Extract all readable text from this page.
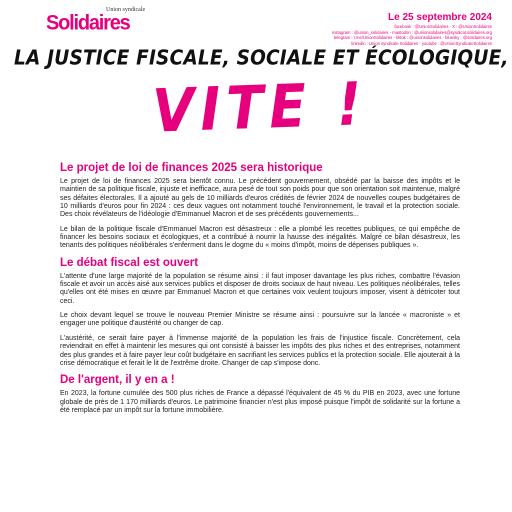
Union syndicale
Solidaires	Le 25 septembre 2024
facebook : @UnionSolidaires - X : @UnionSolidaires
instagram : @union_solidaires - mastodon : @unionsolidaires@syndicat.solidaires.org
telegram : t.me/UnionSolidaires - tiktok : @unionsolidaires - bluesky : @solidaires.org
linkedin : Union syndicale Solidaires - youtube : @UnionSyndicaleSolidaires
LA JUSTICE FISCALE, SOCIALE ET ÉCOLOGIQUE,
VITE !
Le projet de loi de finances 2025 sera historique

Le projet de loi de finances 2025 sera bientôt connu. Le précédent gouvernement, obsédé par la baisse des impôts et le maintien de sa politique fiscale, injuste et inefficace, aura pesé de tout son poids pour que son orientation soit maintenue, malgré ses défaites électorales. Il a ajouté au gels de 10 milliards d'euros crédités de février 2024 de nouvelles coupes budgétaires de 10 milliards d'euros pour fin 2024 : ces deux vagues ont notamment touché l'environnement, le travail et la protection sociale. Des choix révélateurs de l'idéologie d'Emmanuel Macron et de ses précédents gouvernements...

Le bilan de la politique fiscale d'Emmanuel Macron est désastreux : elle a plombé les recettes publiques, ce qui empêche de financer les besoins sociaux et écologiques, et a contribué à nourrir la hausse des inégalités. Malgré ce bilan désastreux, les tenants des politiques néolibérales s'enferment dans le dogme du « moins d'impôt, moins de dépenses publiques ».

Le débat fiscal est ouvert

L'attente d'une large majorité de la population se résume ainsi : il faut imposer davantage les plus riches, combattre l'évasion fiscale et avoir un accès aisé aux services publics et disposer de droits sociaux de haut niveau. Les politiques néolibérales, telles qu'elles ont été mises en œuvre par Emmanuel Macron et que certaines voix veulent toujours imposer, visent à détricoter tout ceci.

Le choix devant lequel se trouve le nouveau Premier Ministre se résume ainsi : poursuivre sur la lancée « macroniste » et engager une politique d'austérité ou changer de cap.

L'austérité, ce serait faire payer à l'immense majorité de la population les frais de l'injustice fiscale. Concrètement, cela reviendrait en effet à maintenir les mesures qui ont consisté à baisser les impôts des plus riches et des entreprises, notamment des plus grandes et à faire payer leur coût budgétaire en sacrifiant les services publics et la protection sociale. Elle ajouterait à la crise démocratique et ferait le lit de l'extrême droite. Changer de cap s'impose donc.

De l'argent, il y en a !

En 2023, la fortune cumulée des 500 plus riches de France a dépassé l'équivalent de 45 % du PIB en 2023, avec une fortune globale de près de 1 170 milliards d'euros. Le patrimoine financier n'est plus imposé puisque l'impôt de solidarité sur la fortune a été remplacé par un impôt sur la fortune immobilière.
